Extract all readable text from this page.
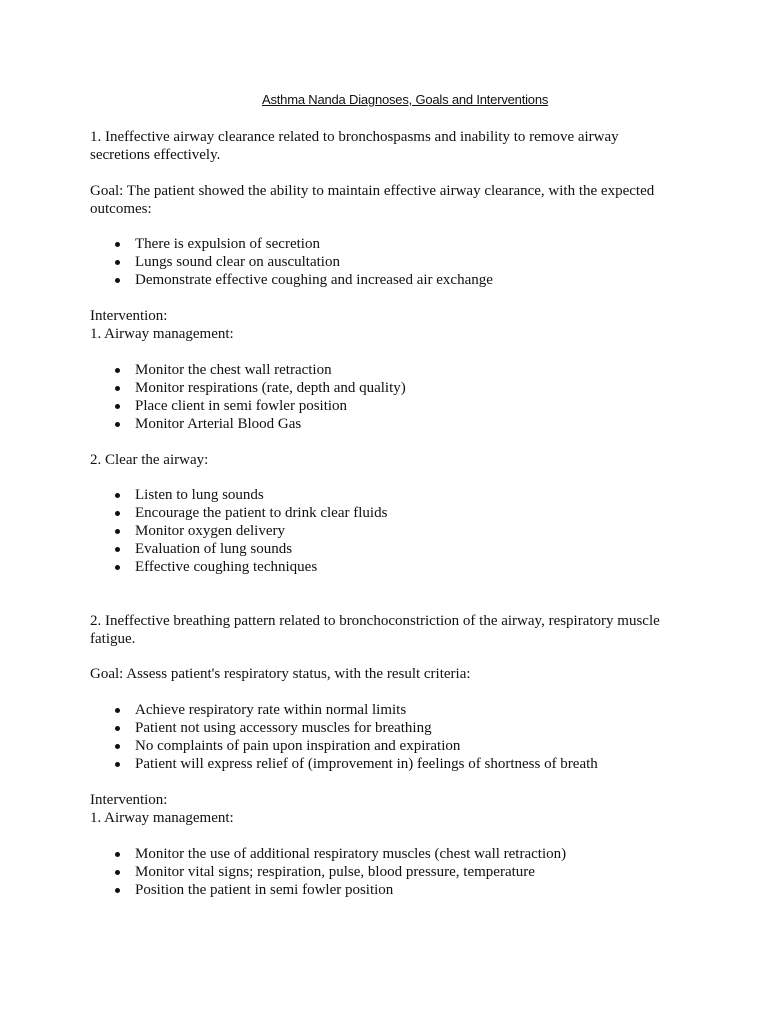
Asthma Nanda Diagnoses, Goals and Interventions

1. Ineffective airway clearance related to bronchospasms and inability to remove airway secretions effectively.

Goal: The patient showed the ability to maintain effective airway clearance, with the expected outcomes:

There is expulsion of secretion
Lungs sound clear on auscultation
Demonstrate effective coughing and increased air exchange

Intervention:

1. Airway management:

Monitor the chest wall retraction
Monitor respirations (rate, depth and quality)
Place client in semi fowler position
Monitor Arterial Blood Gas

2. Clear the airway:

Listen to lung sounds
Encourage the patient to drink clear fluids
Monitor oxygen delivery
Evaluation of lung sounds
Effective coughing techniques

2. Ineffective breathing pattern related to bronchoconstriction of the airway, respiratory muscle fatigue.

Goal: Assess patient's respiratory status, with the result criteria:

Achieve respiratory rate within normal limits
Patient not using accessory muscles for breathing
No complaints of pain upon inspiration and expiration
Patient will express relief of (improvement in) feelings of shortness of breath

Intervention:

1. Airway management:

Monitor the use of additional respiratory muscles (chest wall retraction)
Monitor vital signs; respiration, pulse, blood pressure, temperature
Position the patient in semi fowler position
